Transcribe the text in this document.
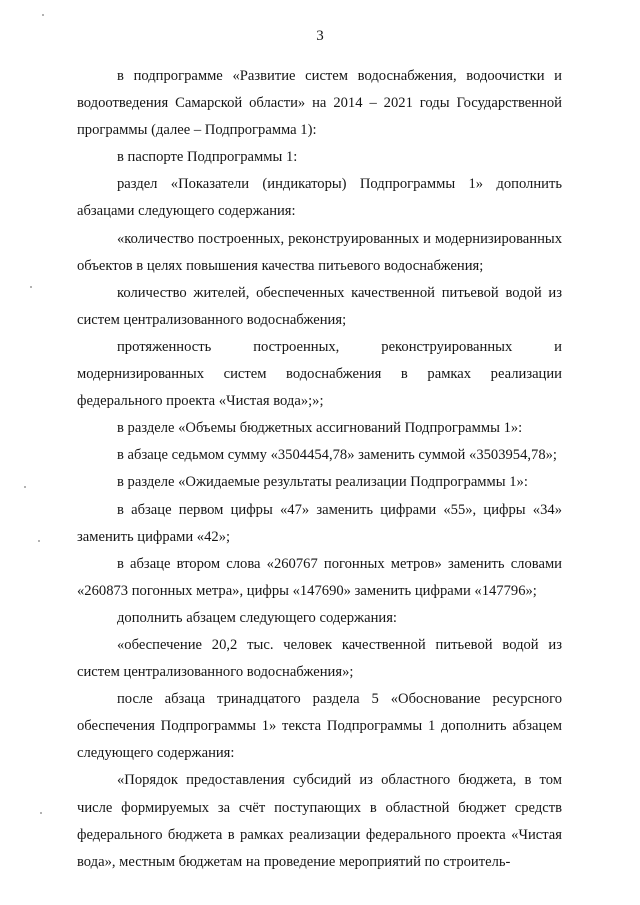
3

в подпрограмме «Развитие систем водоснабжения, водоочистки и водоотведения Самарской области» на 2014 – 2021 годы Государственной программы (далее – Подпрограмма 1):

в паспорте Подпрограммы 1:

раздел «Показатели (индикаторы) Подпрограммы 1» дополнить абзацами следующего содержания:

«количество построенных, реконструированных и модернизированных объектов в целях повышения качества питьевого водоснабжения;

количество жителей, обеспеченных качественной питьевой водой из систем централизованного водоснабжения;

протяженность построенных, реконструированных и модернизированных систем водоснабжения в рамках реализации федерального проекта «Чистая вода»;»;

в разделе «Объемы бюджетных ассигнований Подпрограммы 1»:

в абзаце седьмом сумму «3504454,78» заменить суммой «3503954,78»;

в разделе «Ожидаемые результаты реализации Подпрограммы 1»:

в абзаце первом цифры «47» заменить цифрами «55», цифры «34» заменить цифрами «42»;

в абзаце втором слова «260767 погонных метров» заменить словами «260873 погонных метра», цифры «147690» заменить цифрами «147796»;

дополнить абзацем следующего содержания:

«обеспечение 20,2 тыс. человек качественной питьевой водой из систем централизованного водоснабжения»;

после абзаца тринадцатого раздела 5 «Обоснование ресурсного обеспечения Подпрограммы 1» текста Подпрограммы 1 дополнить абзацем следующего содержания:

«Порядок предоставления субсидий из областного бюджета, в том числе формируемых за счёт поступающих в областной бюджет средств федерального бюджета в рамках реализации федерального проекта «Чистая вода», местным бюджетам на проведение мероприятий по строитель-
